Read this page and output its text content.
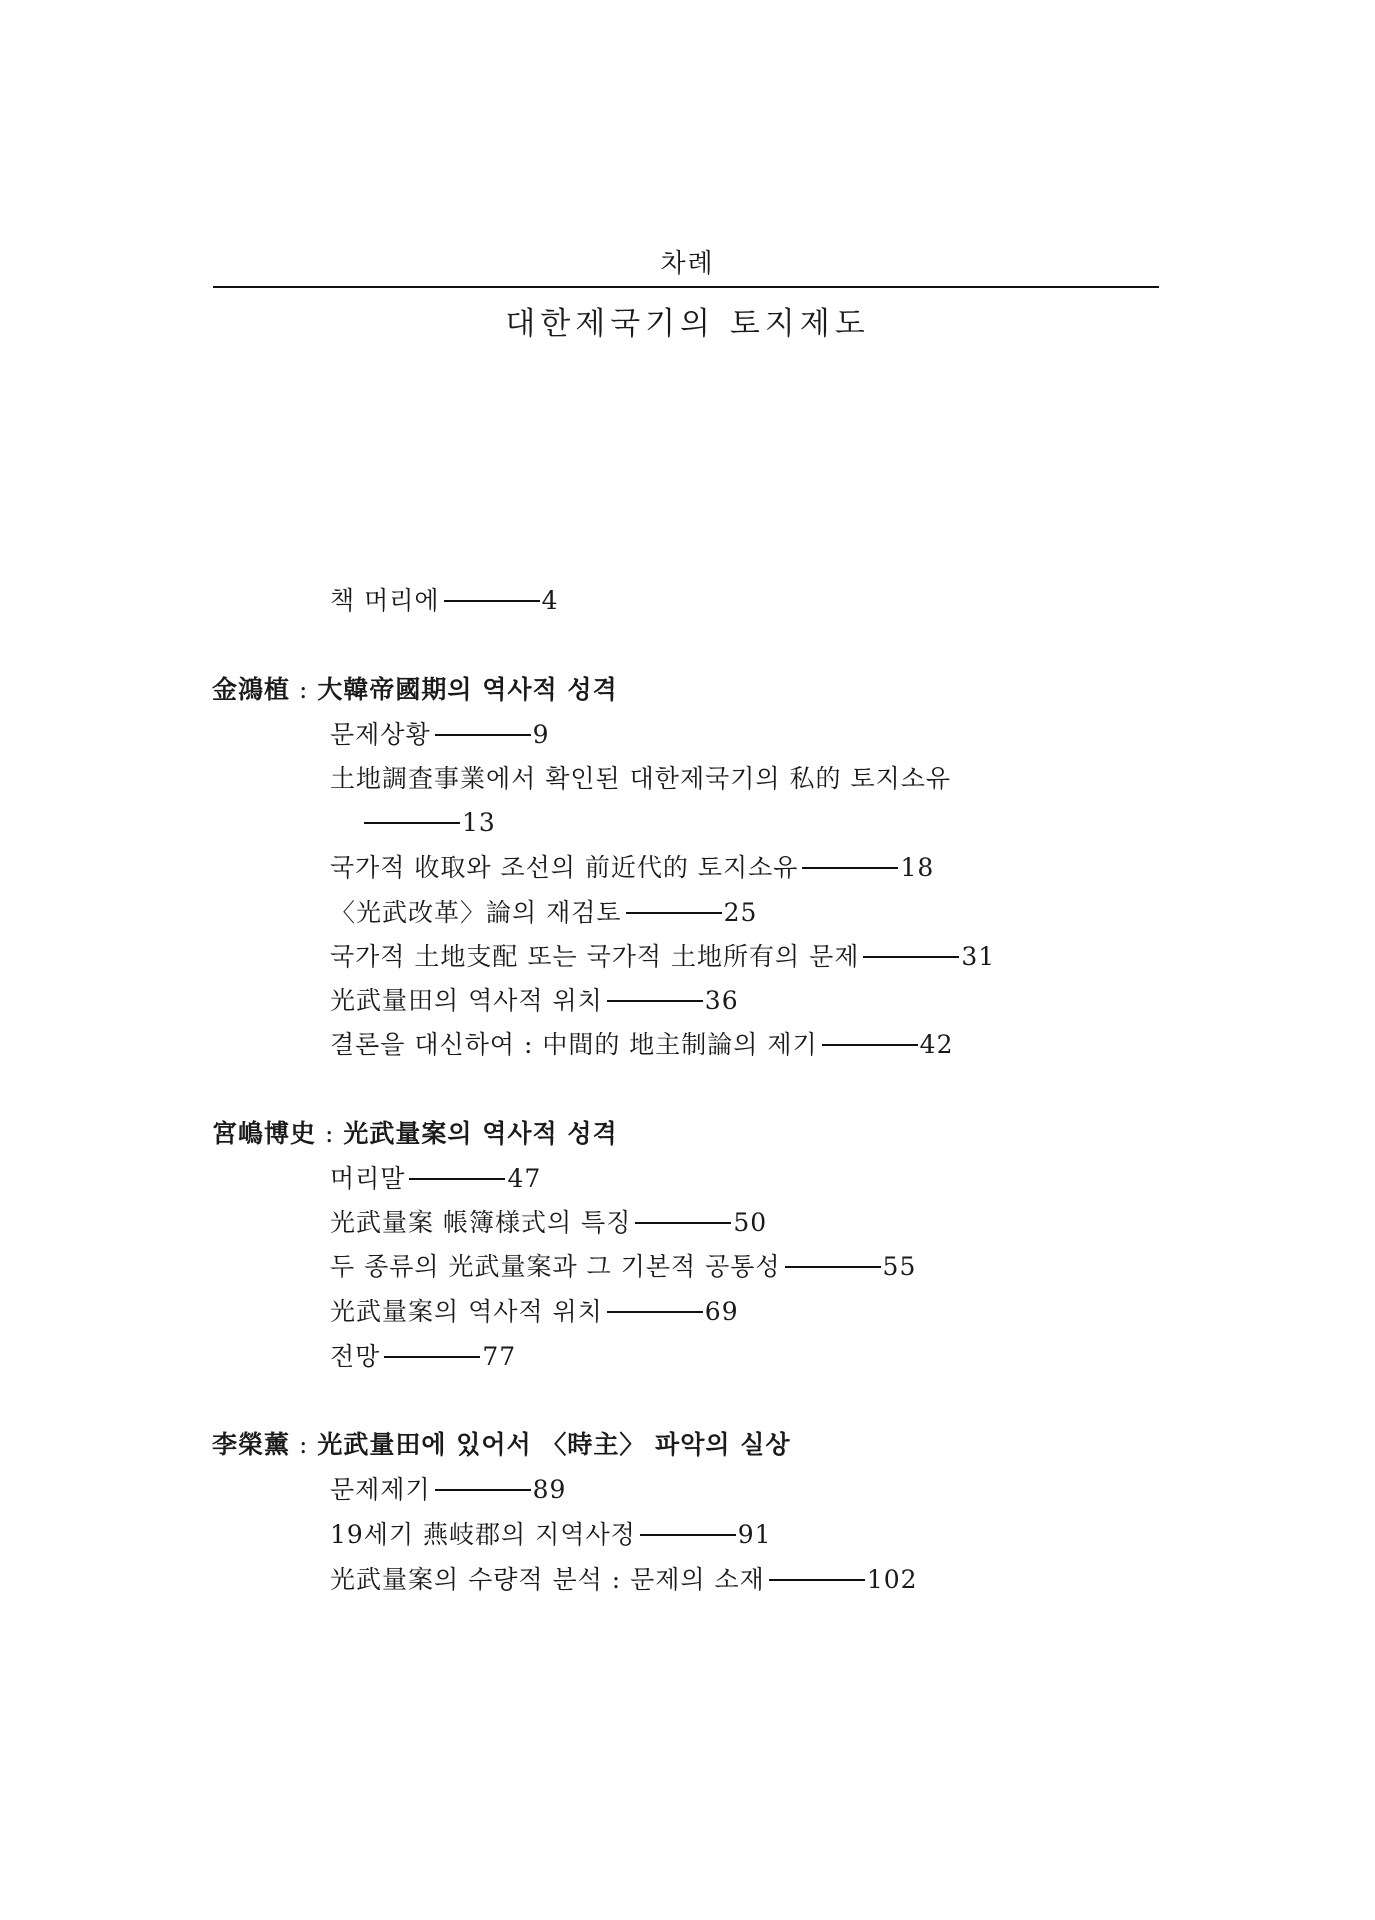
차례
대한제국기의 토지제도
책 머리에	4
金鴻植 : 大韓帝國期의 역사적 성격
문제상황	9
土地調査事業에서 확인된 대한제국기의 私的 토지소유
13
국가적 收取와 조선의 前近代的 토지소유	18
〈光武改革〉論의 재검토	25
국가적 土地支配 또는 국가적 土地所有의 문제	31
光武量田의 역사적 위치	36
결론을 대신하여 : 中間的 地主制論의 제기	42
宮嶋博史 : 光武量案의 역사적 성격
머리말	47
光武量案 帳簿様式의 특징	50
두 종류의 光武量案과 그 기본적 공통성	55
光武量案의 역사적 위치	69
전망	77
李榮薰 : 光武量田에 있어서 〈時主〉 파악의 실상
문제제기	89
19세기 燕岐郡의 지역사정	91
光武量案의 수량적 분석 : 문제의 소재	102
